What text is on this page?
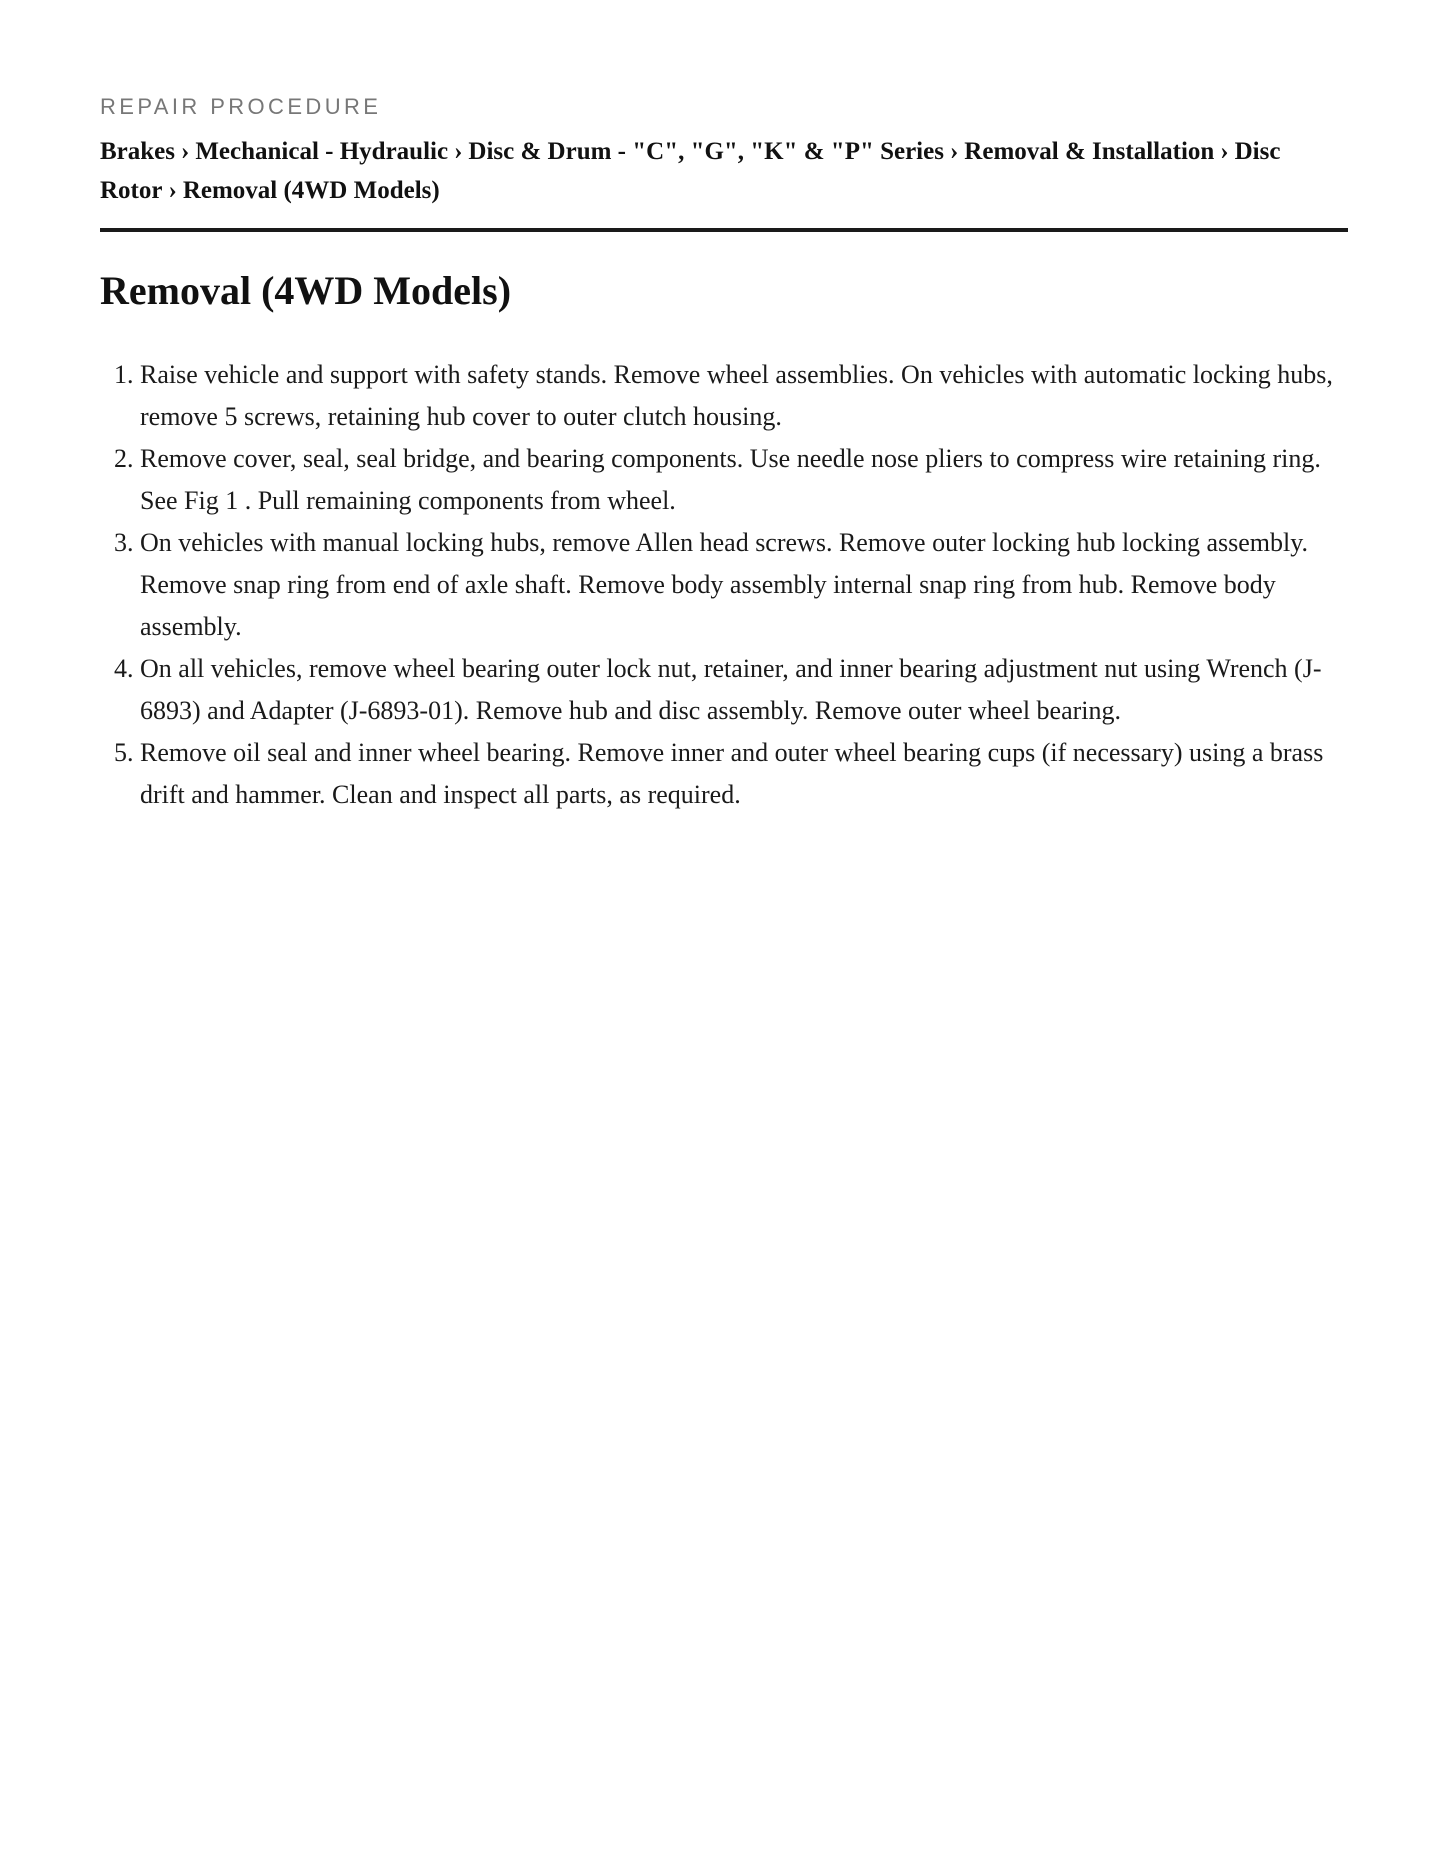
REPAIR PROCEDURE

Brakes › Mechanical - Hydraulic › Disc & Drum - "C", "G", "K" & "P" Series › Removal & Installation › Disc Rotor › Removal (4WD Models)
Removal (4WD Models)
1. Raise vehicle and support with safety stands. Remove wheel assemblies. On vehicles with automatic locking hubs, remove 5 screws, retaining hub cover to outer clutch housing.
2. Remove cover, seal, seal bridge, and bearing components. Use needle nose pliers to compress wire retaining ring. See Fig 1 . Pull remaining components from wheel.
3. On vehicles with manual locking hubs, remove Allen head screws. Remove outer locking hub locking assembly. Remove snap ring from end of axle shaft. Remove body assembly internal snap ring from hub. Remove body assembly.
4. On all vehicles, remove wheel bearing outer lock nut, retainer, and inner bearing adjustment nut using Wrench (J-6893) and Adapter (J-6893-01). Remove hub and disc assembly. Remove outer wheel bearing.
5. Remove oil seal and inner wheel bearing. Remove inner and outer wheel bearing cups (if necessary) using a brass drift and hammer. Clean and inspect all parts, as required.
